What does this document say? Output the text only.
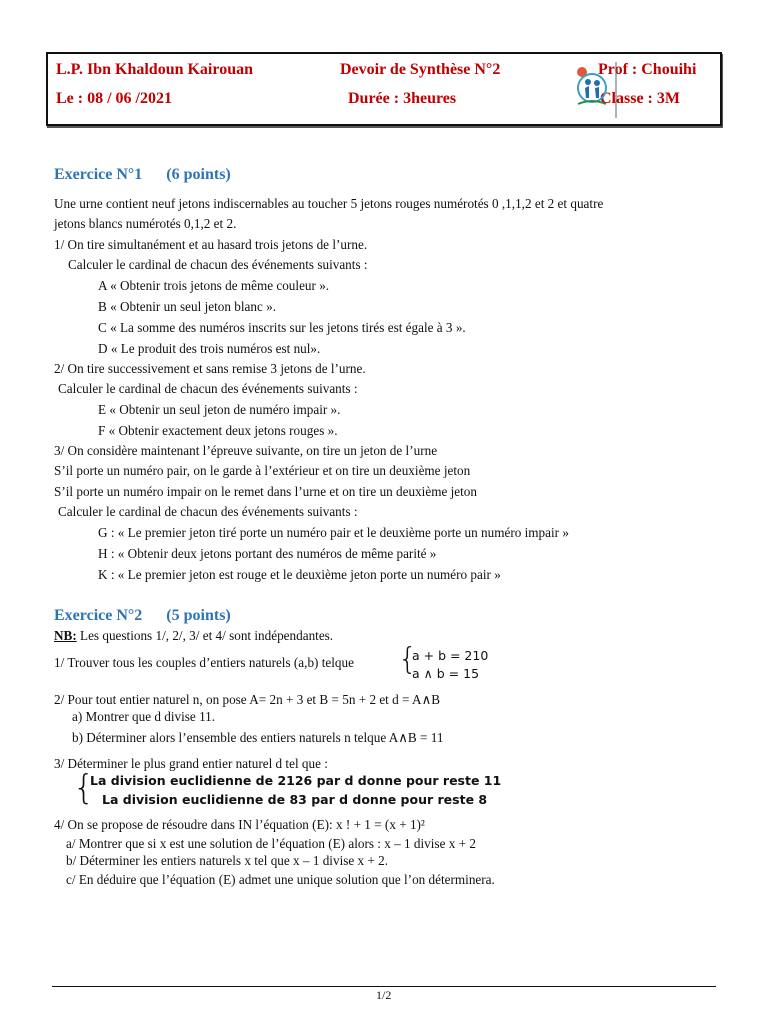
L.P. Ibn Khaldoun Kairouan	Devoir de Synthèse N°2	Prof : Chouihi
Le : 08 / 06 /2021	Durée : 3heures	Classe : 3M
Exercice N°1 (6 points)
Une urne contient neuf jetons indiscernables au toucher 5 jetons rouges numérotés 0 ,1,1,2 et 2 et quatre
jetons blancs numérotés 0,1,2 et 2.
1/ On tire simultanément et au hasard trois jetons de l’urne.
Calculer le cardinal de chacun des événements suivants :
A « Obtenir trois jetons de même couleur ».
B « Obtenir un seul jeton blanc ».
C « La somme des numéros inscrits sur les jetons tirés est égale à 3 ».
D « Le produit des trois numéros est nul».
2/ On tire successivement et sans remise 3 jetons de l’urne.
Calculer le cardinal de chacun des événements suivants :
E « Obtenir un seul jeton de numéro impair ».
F « Obtenir exactement deux jetons rouges ».
3/ On considère maintenant l’épreuve suivante, on tire un jeton de l’urne
S’il porte un numéro pair, on le garde à l’extérieur et on tire un deuxième jeton
S’il porte un numéro impair on le remet dans l’urne et on tire un deuxième jeton
Calculer le cardinal de chacun des événements suivants :
G : « Le premier jeton tiré porte un numéro pair et le deuxième porte un numéro impair »
H : « Obtenir deux jetons portant des numéros de même parité »
K : « Le premier jeton est rouge et le deuxième jeton porte un numéro pair »
Exercice N°2 (5 points)
NB: Les questions 1/, 2/, 3/ et 4/ sont indépendantes.
1/ Trouver tous les couples d’entiers naturels (a,b) telque {
a + b = 210
a ∧ b = 15
2/ Pour tout entier naturel n, on pose A= 2n + 3 et B = 5n + 2 et d = A∧B
a) Montrer que d divise 11.
b) Déterminer alors l’ensemble des entiers naturels n telque A∧B = 11
3/ Déterminer le plus grand entier naturel d tel que :
{
La division euclidienne de 2126 par d donne pour reste 11
La division euclidienne de 83 par d donne pour reste 8
4/ On se propose de résoudre dans IN l’équation (E): x ! + 1 = (x + 1)²
a/ Montrer que si x est une solution de l’équation (E) alors : x – 1 divise x + 2
b/ Déterminer les entiers naturels x tel que x – 1 divise x + 2.
c/ En déduire que l’équation (E) admet une unique solution que l’on déterminera.
1/2
